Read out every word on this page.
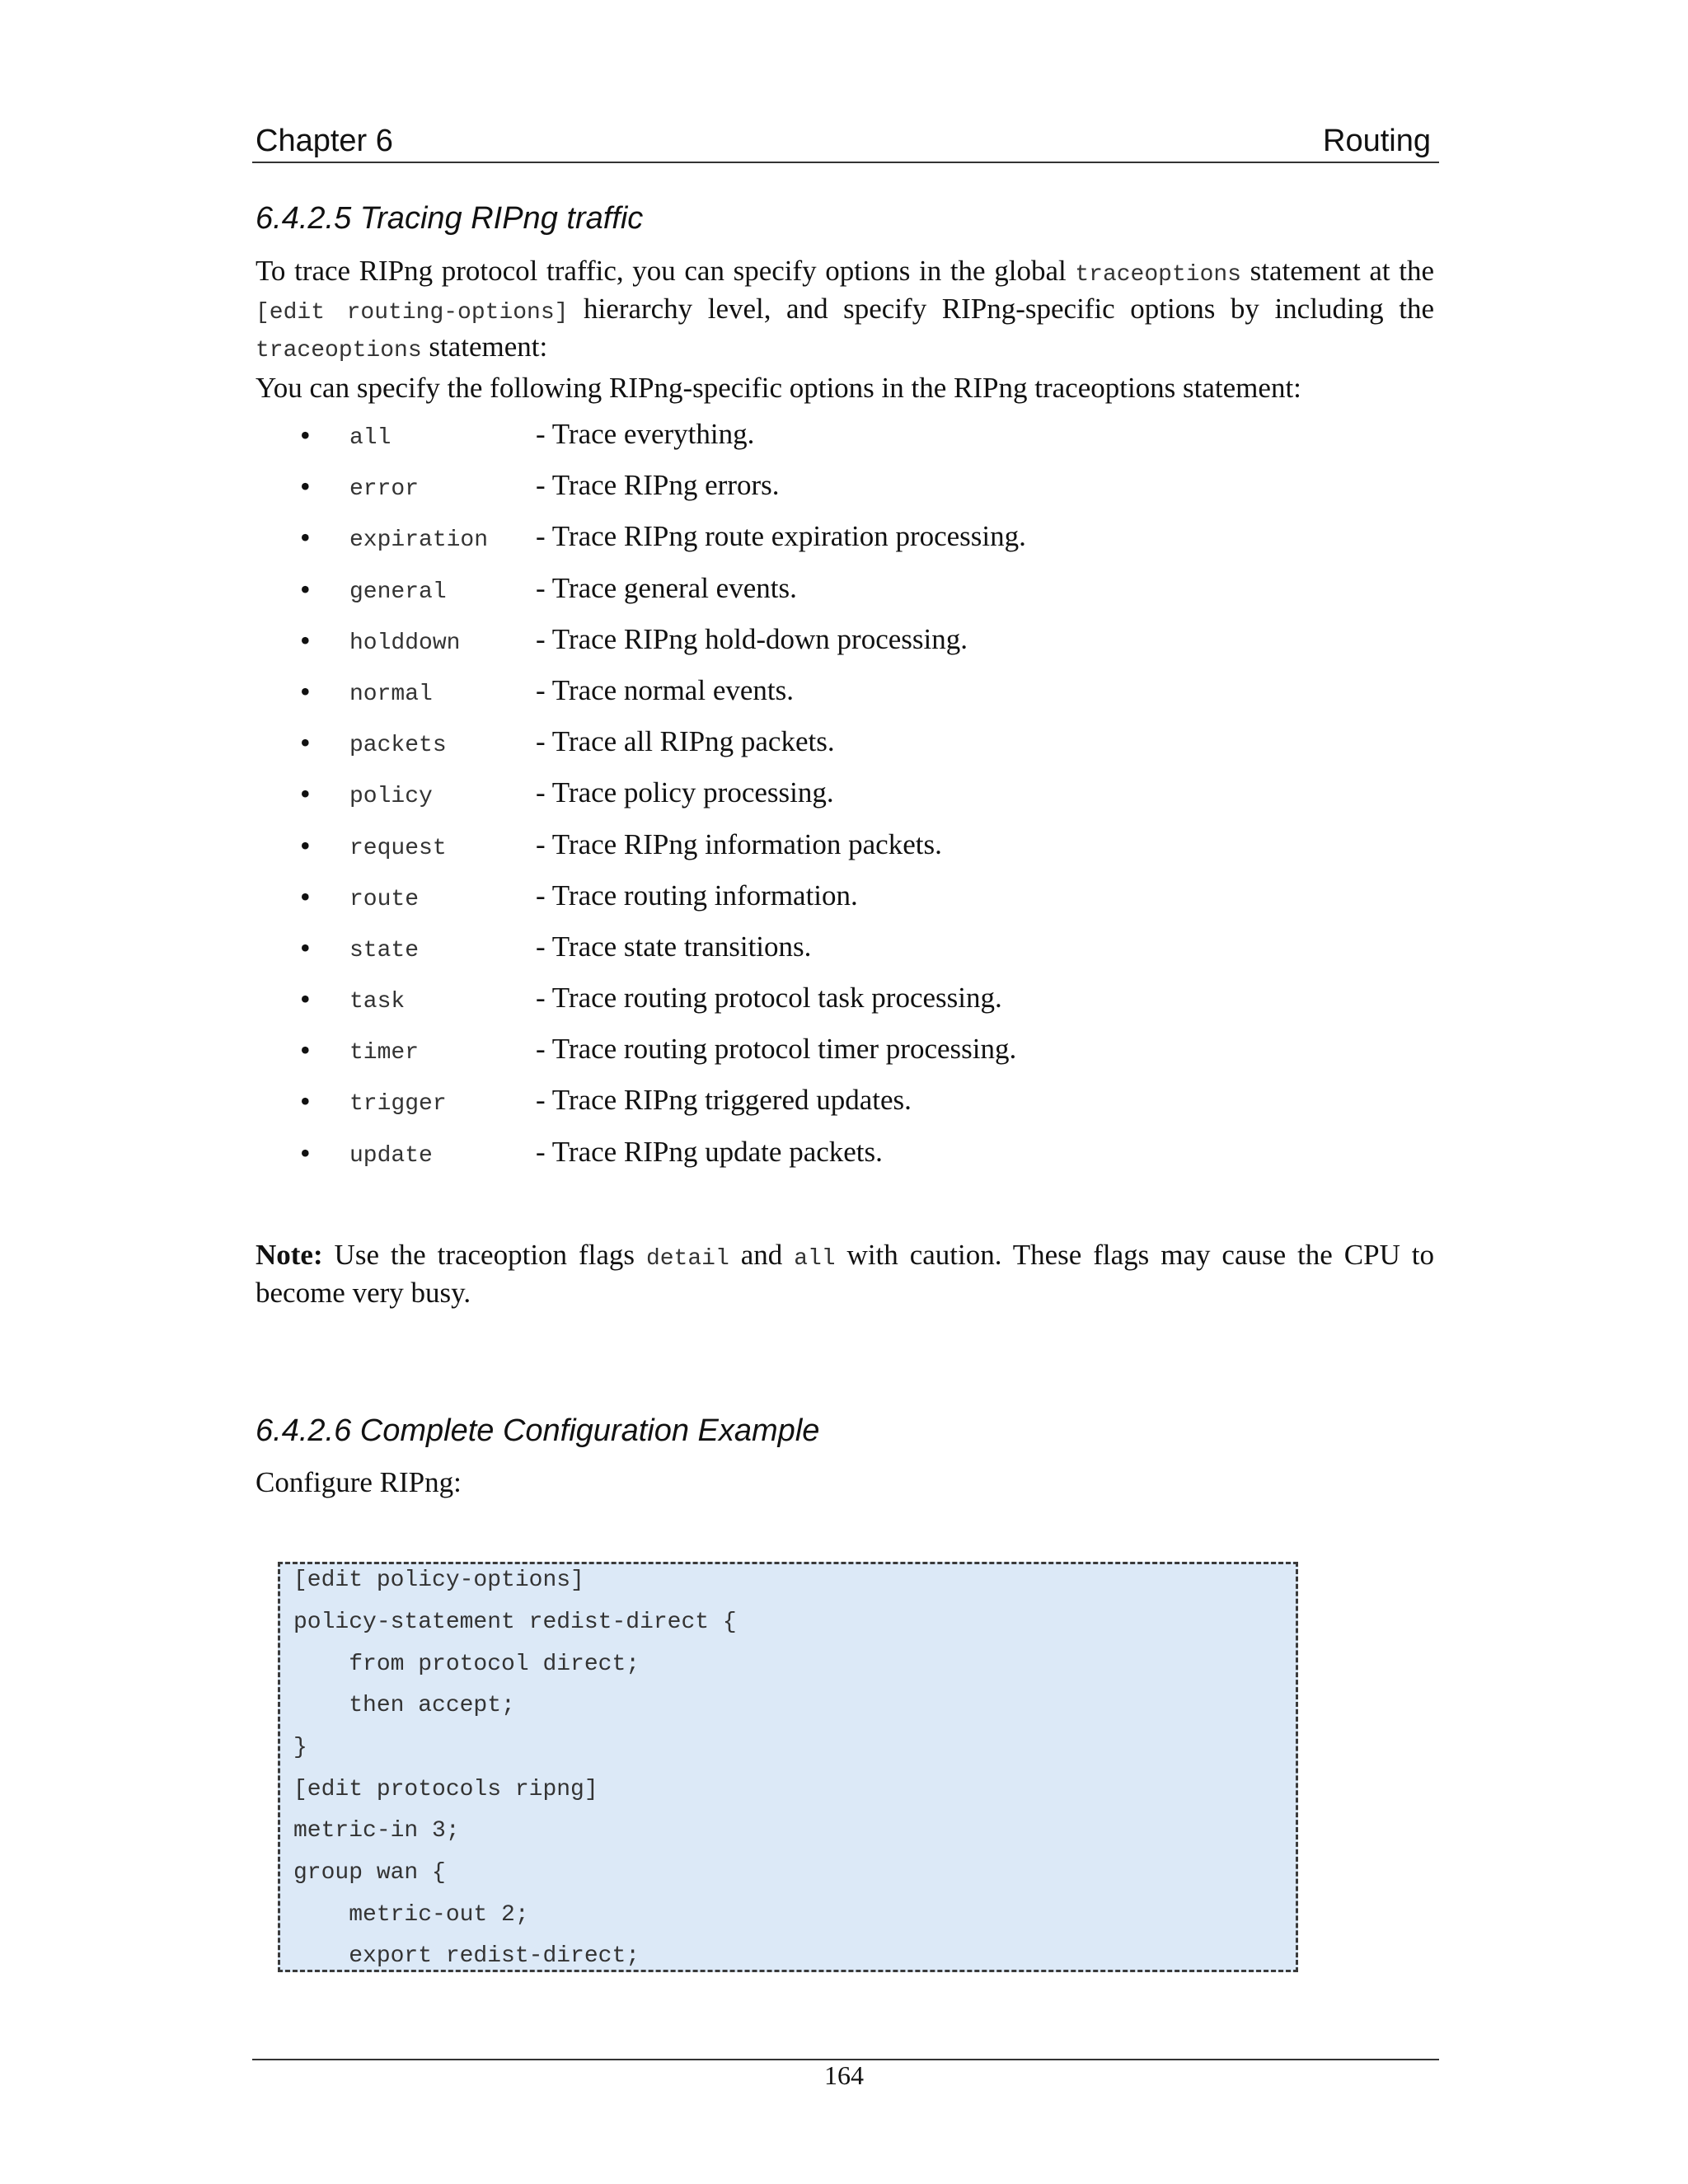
Chapter 6	Routing
6.4.2.5 Tracing RIPng traffic
To trace RIPng protocol traffic, you can specify options in the global traceoptions statement at the [edit routing-options] hierarchy level, and specify RIPng-specific options by including the traceoptions statement:
You can specify the following RIPng-specific options in the RIPng traceoptions statement:
• all	- Trace everything.
• error	- Trace RIPng errors.
• expiration - Trace RIPng route expiration processing.
• general	- Trace general events.
• holddown	- Trace RIPng hold-down processing.
• normal	- Trace normal events.
• packets	- Trace all RIPng packets.
• policy	- Trace policy processing.
• request	- Trace RIPng information packets.
• route	- Trace routing information.
• state	- Trace state transitions.
• task	- Trace routing protocol task processing.
• timer	- Trace routing protocol timer processing.
• trigger	- Trace RIPng triggered updates.
• update	- Trace RIPng update packets.
Note: Use the traceoption flags detail and all with caution. These flags may cause the CPU to become very busy.
6.4.2.6 Complete Configuration Example
Configure RIPng:
[edit policy-options]
policy-statement redist-direct {
from protocol direct;
then accept;
}
[edit protocols ripng]
metric-in 3;
group wan {
metric-out 2;
export redist-direct;
164
